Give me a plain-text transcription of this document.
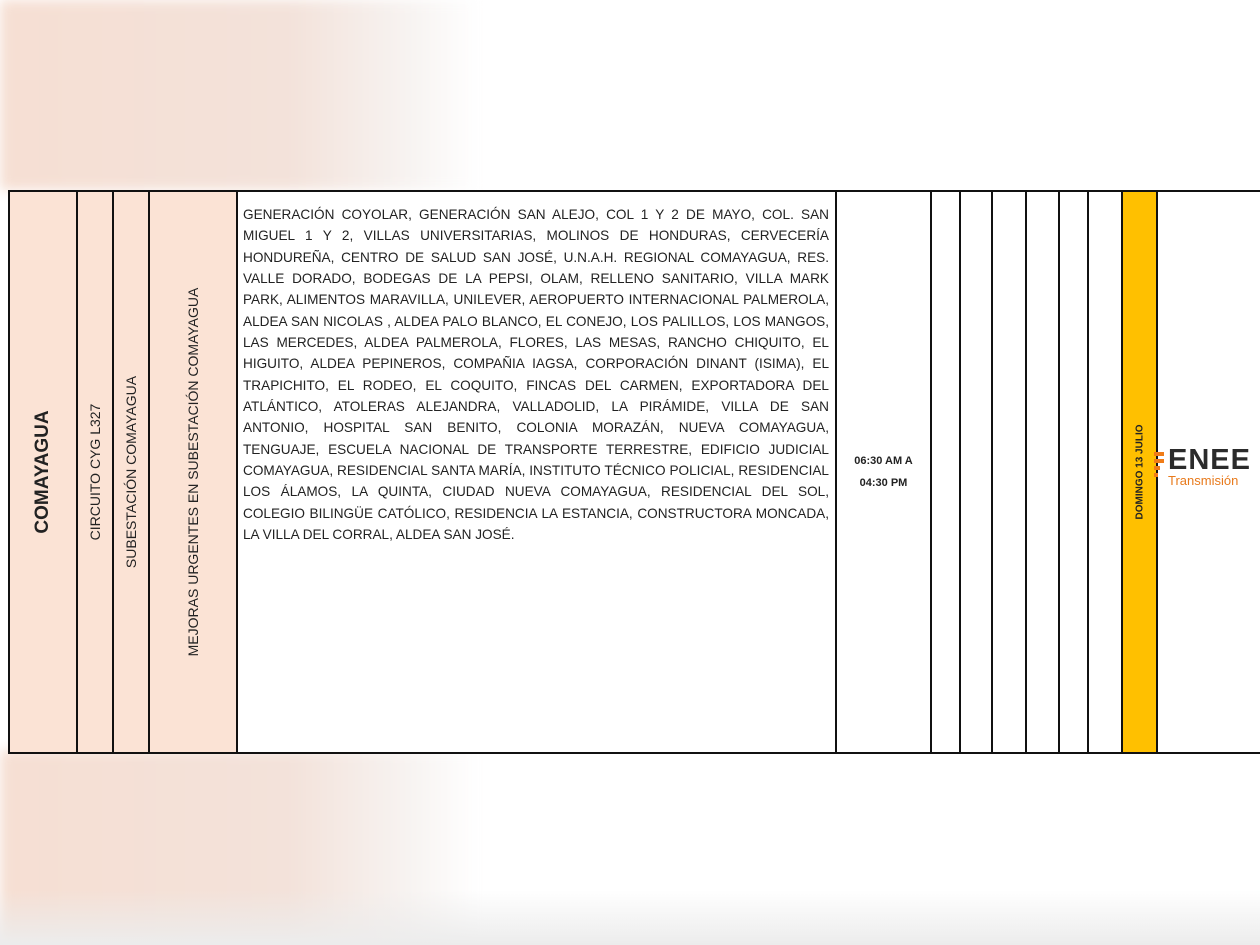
COMAYAGUA CIRCUITO CYG L327 SUBESTACIÓN COMAYAGUA	MEJORAS URGENTES EN SUBESTACIÓN COMAYAGUA
GENERACIÓN COYOLAR, GENERACIÓN SAN ALEJO, COL 1 Y 2 DE MAYO, COL. SAN MIGUEL 1 Y 2, VILLAS UNIVERSITARIAS, MOLINOS DE HONDURAS, CERVECERÍA HONDUREÑA, CENTRO DE SALUD SAN JOSÉ, U.N.A.H. REGIONAL COMAYAGUA, RES. VALLE DORADO, BODEGAS DE LA PEPSI, OLAM, RELLENO SANITARIO, VILLA MARK PARK, ALIMENTOS MARAVILLA, UNILEVER, AEROPUERTO INTERNACIONAL PALMEROLA, ALDEA SAN NICOLAS , ALDEA PALO BLANCO, EL CONEJO, LOS PALILLOS, LOS MANGOS, LAS MERCEDES, ALDEA PALMEROLA, FLORES, LAS MESAS, RANCHO CHIQUITO, EL HIGUITO, ALDEA PEPINEROS, COMPAÑIA IAGSA, CORPORACIÓN DINANT (ISIMA), EL TRAPICHITO, EL RODEO, EL COQUITO, FINCAS DEL CARMEN, EXPORTADORA DEL ATLÁNTICO, ATOLERAS ALEJANDRA, VALLADOLID, LA PIRÁMIDE, VILLA DE SAN ANTONIO, HOSPITAL SAN BENITO, COLONIA MORAZÁN, NUEVA COMAYAGUA, TENGUAJE, ESCUELA NACIONAL DE TRANSPORTE TERRESTRE, EDIFICIO JUDICIAL COMAYAGUA, RESIDENCIAL SANTA MARÍA, INSTITUTO TÉCNICO POLICIAL, RESIDENCIAL LOS ÁLAMOS, LA QUINTA, CIUDAD NUEVA COMAYAGUA, RESIDENCIAL DEL SOL, COLEGIO BILINGÜE CATÓLICO, RESIDENCIA LA ESTANCIA, CONSTRUCTORA MONCADA, LA VILLA DEL CORRAL, ALDEA SAN JOSÉ.
06:30 AM A
04:30 PM	DOMINGO 13 JULIO ENEE
Transmisión
